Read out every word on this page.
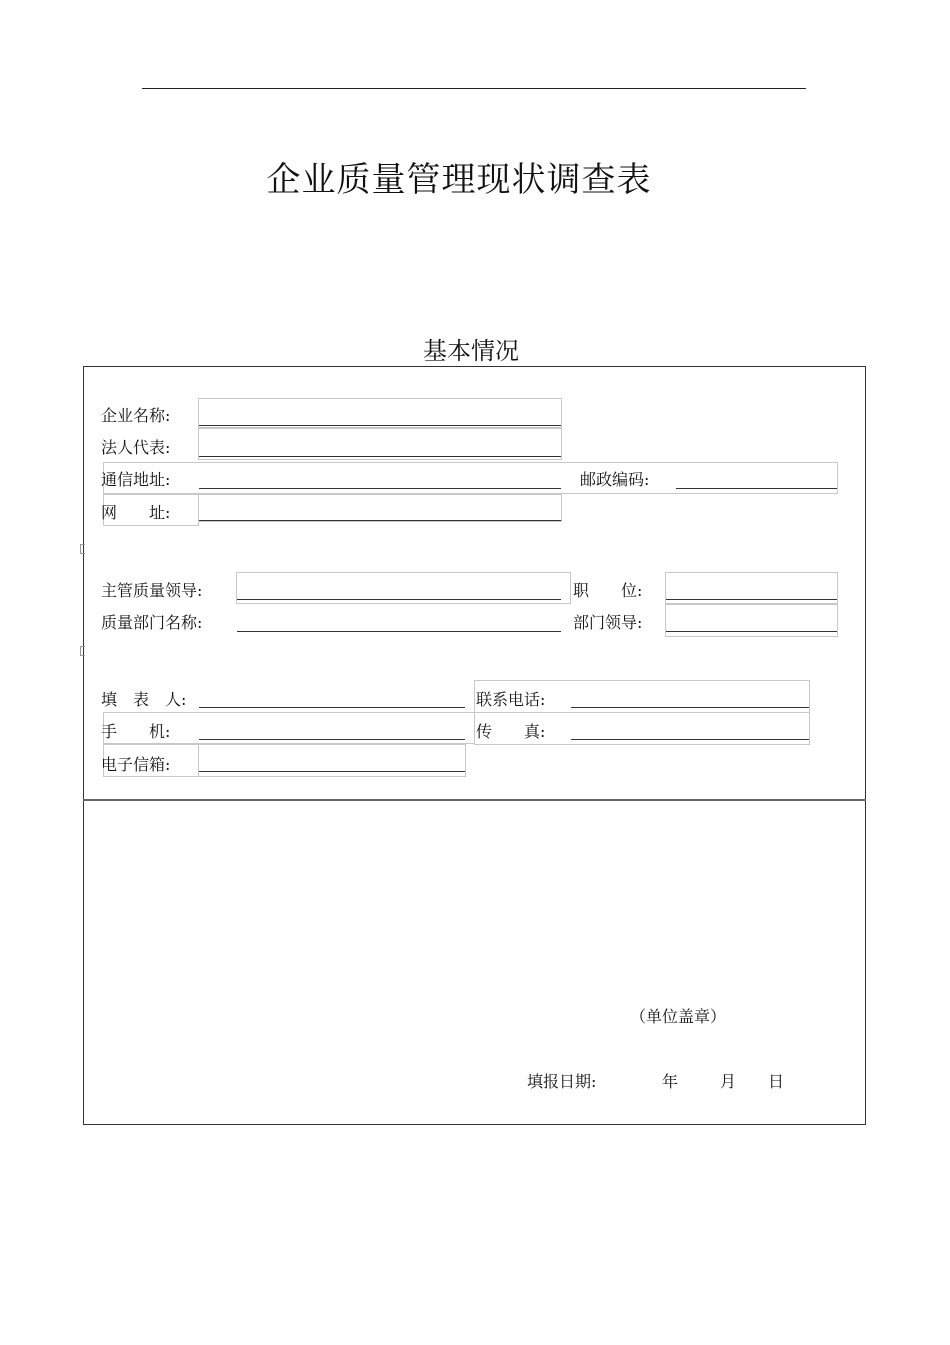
企业质量管理现状调查表
基本情况
企业名称:
法人代表:
通信地址:	邮政编码:
网　　址:
主管质量领导:	职　　位:
质量部门名称:	部门领导:
填　表　人:	联系电话:
手　　机:	传　　真:
电子信箱:
（单位盖章）
填报日期:	年	月 日
